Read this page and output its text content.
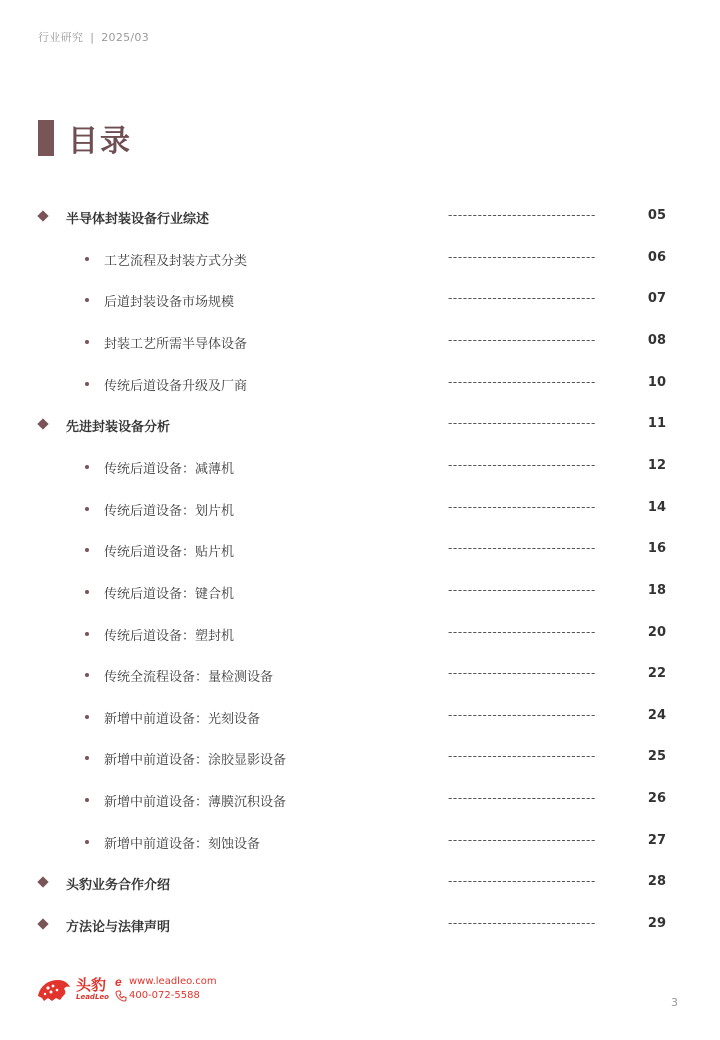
行业研究 | 2025/03
目录
半导体封装设备行业综述	------------------------------	05
工艺流程及封装方式分类	------------------------------	06
后道封装设备市场规模	------------------------------	07
封装工艺所需半导体设备	------------------------------	08
传统后道设备升级及厂商	------------------------------	10
先进封装设备分析	------------------------------	11
传统后道设备：减薄机	------------------------------	12
传统后道设备：划片机	------------------------------	14
传统后道设备：贴片机	------------------------------	16
传统后道设备：键合机	------------------------------	18
传统后道设备：塑封机	------------------------------	20
传统全流程设备：量检测设备	------------------------------	22
新增中前道设备：光刻设备	------------------------------	24
新增中前道设备：涂胶显影设备	------------------------------	25
新增中前道设备：薄膜沉积设备	------------------------------	26
新增中前道设备：刻蚀设备	------------------------------	27
头豹业务合作介绍	------------------------------	28
方法论与法律声明	------------------------------	29
头豹
LeadLeo
e www.leadleo.com
400-072-5588
3
